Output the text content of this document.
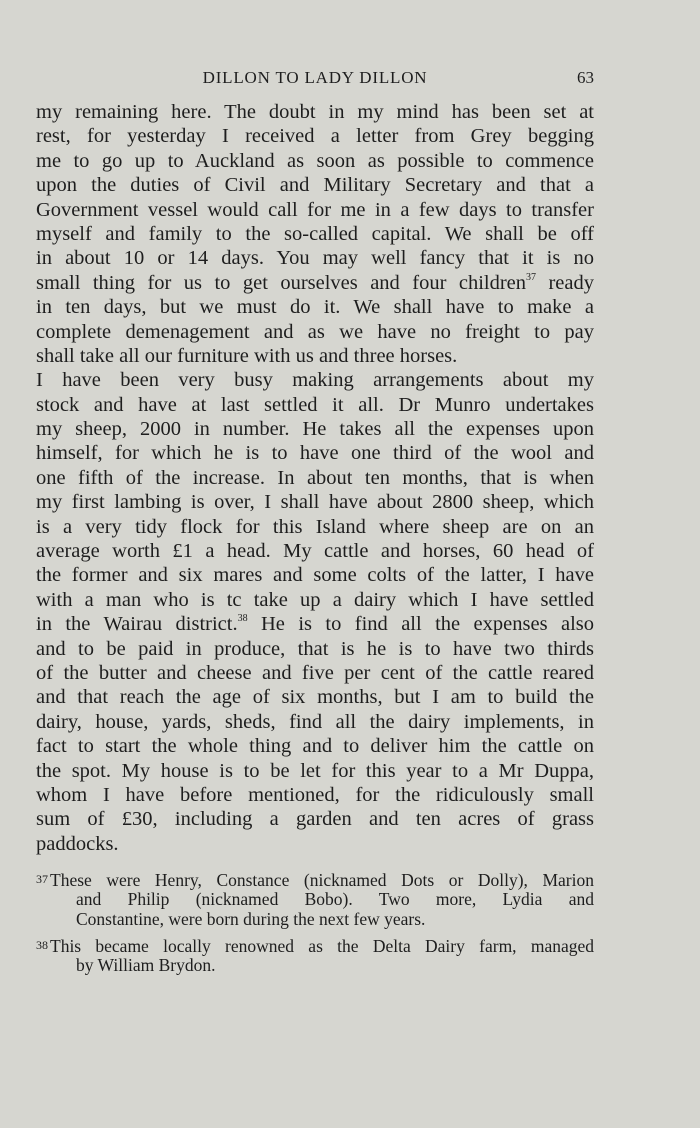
DILLON TO LADY DILLON	63
my remaining here. The doubt in my mind has been set at
rest, for yesterday I received a letter from Grey begging
me to go up to Auckland as soon as possible to commence
upon the duties of Civil and Military Secretary and that a
Government vessel would call for me in a few days to transfer
myself and family to the so-called capital. We shall be off
in about 10 or 14 days. You may well fancy that it is no
small thing for us to get ourselves and four children$^{37}$ ready
in ten days, but we must do it. We shall have to make a
complete demenagement and as we have no freight to pay
shall take all our furniture with us and three horses.
I have been very busy making arrangements about my
stock and have at last settled it all. Dr Munro undertakes
my sheep, 2000 in number. He takes all the expenses upon
himself, for which he is to have one third of the wool and
one fifth of the increase. In about ten months, that is when
my first lambing is over, I shall have about 2800 sheep, which
is a very tidy flock for this Island where sheep are on an
average worth £1 a head. My cattle and horses, 60 head of
the former and six mares and some colts of the latter, I have
with a man who is tc take up a dairy which I have settled
in the Wairau district.$^{38}$ He is to find all the expenses also
and to be paid in produce, that is he is to have two thirds
of the butter and cheese and five per cent of the cattle reared
and that reach the age of six months, but I am to build the
dairy, house, yards, sheds, find all the dairy implements, in
fact to start the whole thing and to deliver him the cattle on
the spot. My house is to be let for this year to a Mr Duppa,
whom I have before mentioned, for the ridiculously small
sum of £30, including a garden and ten acres of grass
paddocks.
37 These were Henry, Constance (nicknamed Dots or Dolly), Marion
and Philip (nicknamed Bobo). Two more, Lydia and
Constantine, were born during the next few years.
38 This became locally renowned as the Delta Dairy farm, managed
by William Brydon.
